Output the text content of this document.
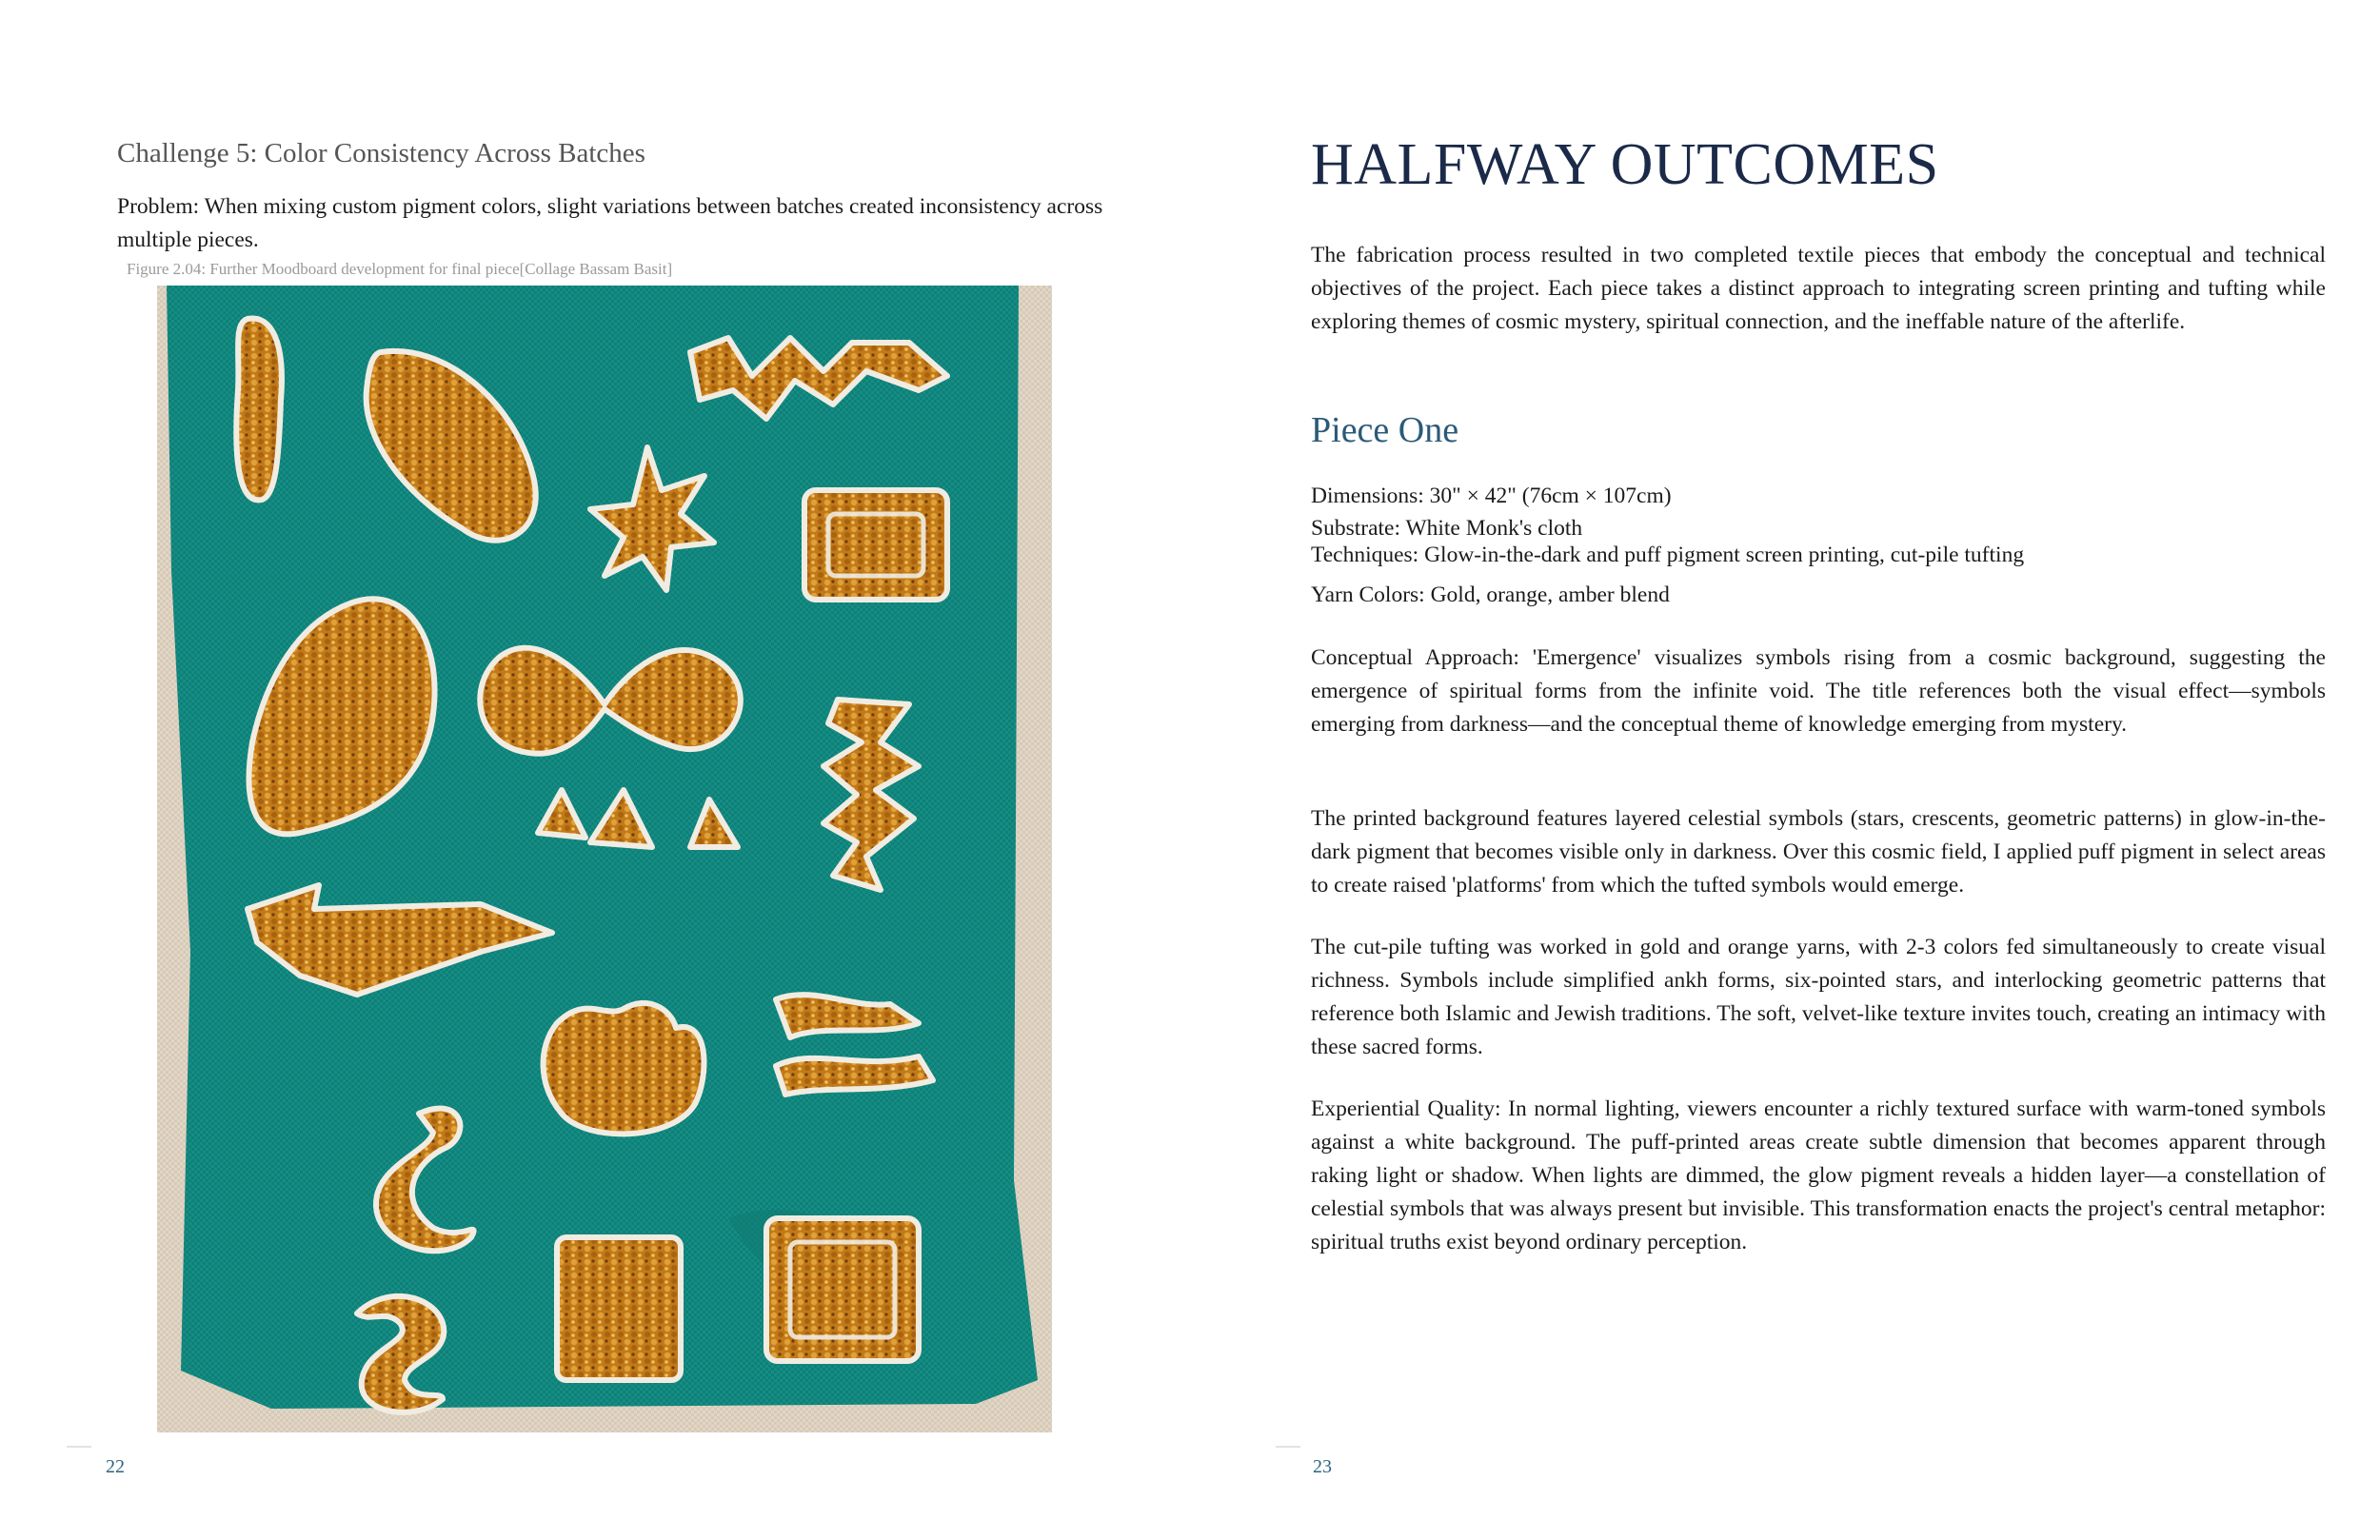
Challenge 5: Color Consistency Across Batches

Problem: When mixing custom pigment colors, slight variations between batches created inconsistency across multiple pieces.

Figure 2.04: Further Moodboard development for final piece[Collage Bassam Basit]
22
HALFWAY OUTCOMES

The fabrication process resulted in two completed textile pieces that embody the conceptual and technical objectives of the project. Each piece takes a distinct approach to integrating screen printing and tufting while exploring themes of cosmic mystery, spiritual connection, and the ineffable nature of the afterlife.

Piece One

Dimensions: 30" × 42" (76cm × 107cm)

Substrate: White Monk's cloth

Techniques: Glow-in-the-dark and puff pigment screen printing, cut-pile tufting

Yarn Colors: Gold, orange, amber blend

Conceptual Approach: 'Emergence' visualizes symbols rising from a cosmic background, suggesting the emergence of spiritual forms from the infinite void. The title references both the visual effect—symbols emerging from darkness—and the conceptual theme of knowledge emerging from mystery.

The printed background features layered celestial symbols (stars, crescents, geometric patterns) in glow-in-the-dark pigment that becomes visible only in darkness. Over this cosmic field, I applied puff pigment in select areas to create raised 'platforms' from which the tufted symbols would emerge.

The cut-pile tufting was worked in gold and orange yarns, with 2-3 colors fed simultaneously to create visual richness. Symbols include simplified ankh forms, six-pointed stars, and interlocking geometric patterns that reference both Islamic and Jewish traditions. The soft, velvet-like texture invites touch, creating an intimacy with these sacred forms.

Experiential Quality: In normal lighting, viewers encounter a richly textured surface with warm-toned symbols against a white background. The puff-printed areas create subtle dimension that becomes apparent through raking light or shadow. When lights are dimmed, the glow pigment reveals a hidden layer—a constellation of celestial symbols that was always present but invisible. This transformation enacts the project's central metaphor: spiritual truths exist beyond ordinary perception.

23
